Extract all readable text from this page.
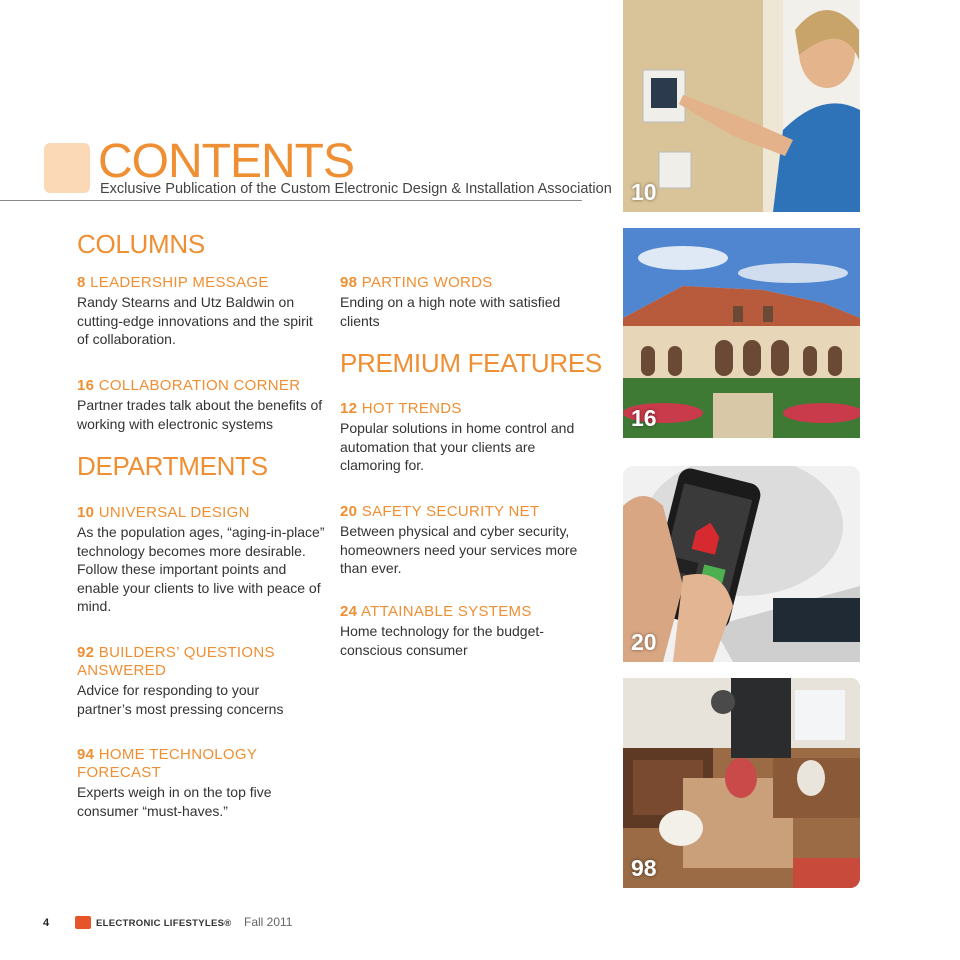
CONTENTS
Exclusive Publication of the Custom Electronic Design & Installation Association
COLUMNS
8 LEADERSHIP MESSAGE
Randy Stearns and Utz Baldwin on cutting-edge innovations and the spirit of collaboration.
16 COLLABORATION CORNER
Partner trades talk about the benefits of working with electronic systems
98 PARTING WORDS
Ending on a high note with satisfied clients
DEPARTMENTS
10 UNIVERSAL DESIGN
As the population ages, “aging-in-place” technology becomes more desirable. Follow these important points and enable your clients to live with peace of mind.
92 BUILDERS’ QUESTIONS ANSWERED
Advice for responding to your partner’s most pressing concerns
94 HOME TECHNOLOGY FORECAST
Experts weigh in on the top five consumer “must-haves.”
PREMIUM FEATURES
12 HOT TRENDS
Popular solutions in home control and automation that your clients are clamoring for.
20 SAFETY SECURITY NET
Between physical and cyber security, homeowners need your services more than ever.
24 ATTAINABLE SYSTEMS
Home technology for the budget-conscious consumer
10
16
20
98
4	ELECTRONIC LIFESTYLES® Fall 2011
